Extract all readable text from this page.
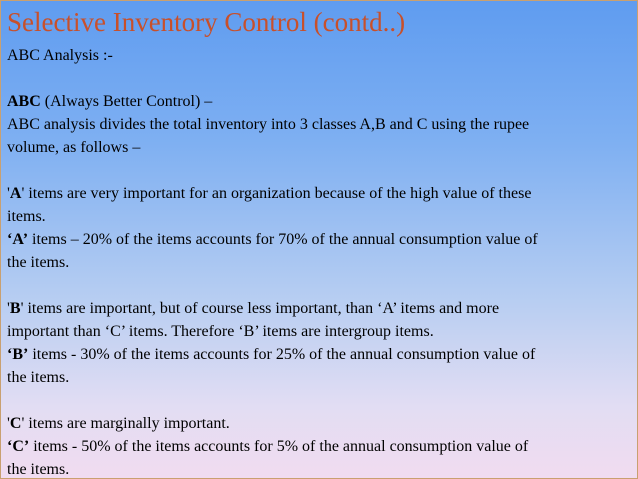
Selective Inventory Control (contd..)
ABC Analysis :-
ABC (Always Better Control) –
ABC analysis divides the total inventory into 3 classes A,B and C using the rupee
volume, as follows –
'A' items are very important for an organization because of the high value of these
items.
‘A’ items – 20% of the items accounts for 70% of the annual consumption value of
the items.
'B' items are important, but of course less important, than ‘A’ items and more
important than ‘C’ items. Therefore ‘B’ items are intergroup items.
‘B’ items - 30% of the items accounts for 25% of the annual consumption value of
the items.
'C' items are marginally important.
‘C’ items - 50% of the items accounts for 5% of the annual consumption value of
the items.
